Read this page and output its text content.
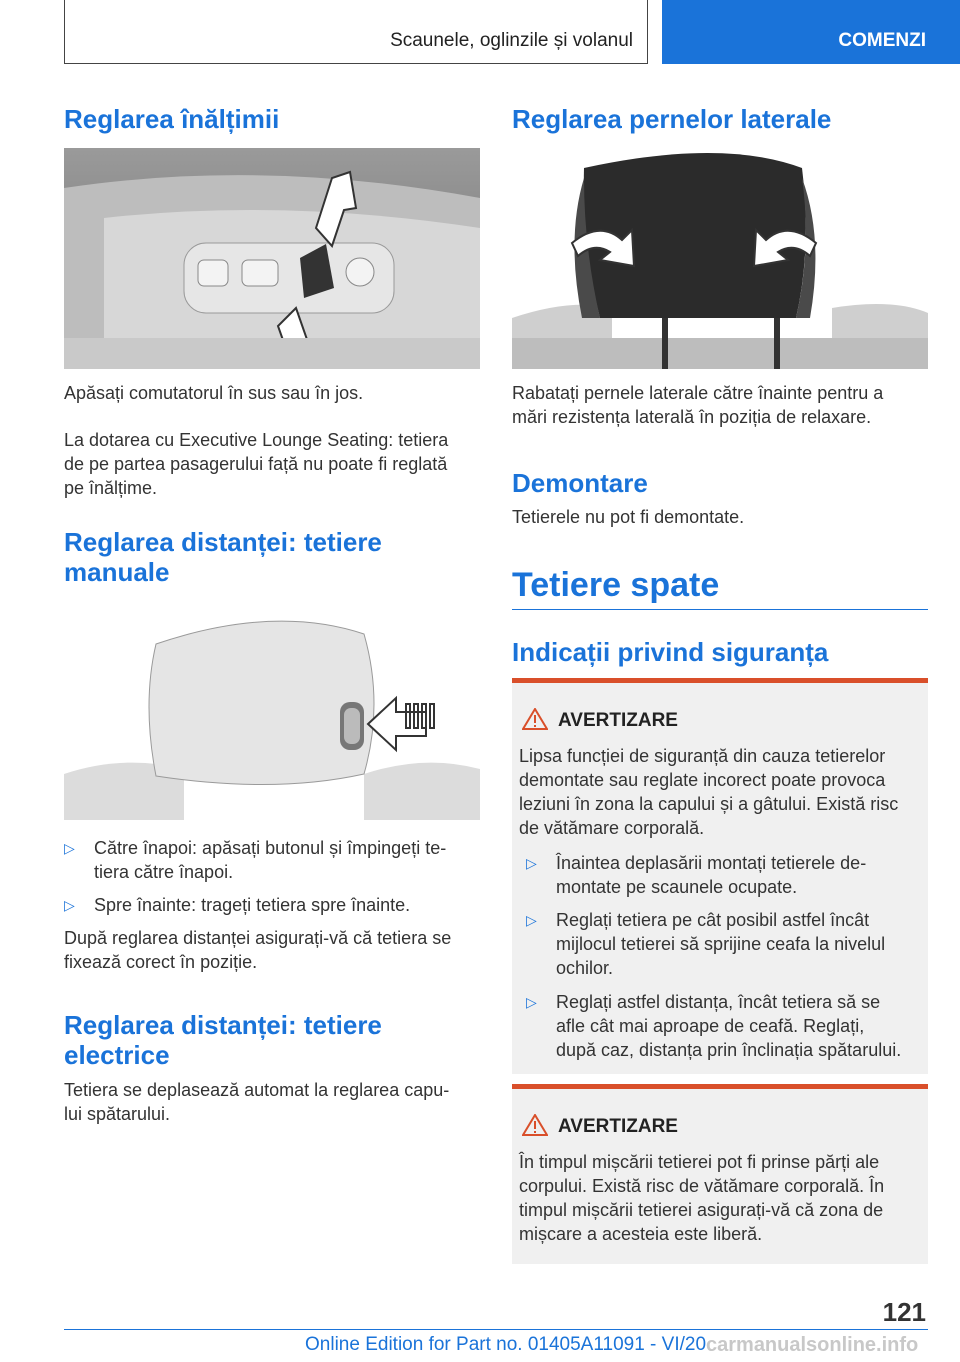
Scaunele, oglinzile și volanul	COMENZI
Reglarea înălțimii
Apăsați comutatorul în sus sau în jos.
La dotarea cu Executive Lounge Seating: tetiera
de pe partea pasagerului față nu poate fi reglată
pe înălțime.
Reglarea distanței: tetiere
manuale
▷ Către înapoi: apăsați butonul și împingeți te-
tiera către înapoi.
▷ Spre înainte: trageți tetiera spre înainte.
După reglarea distanței asigurați-vă că tetiera se
fixează corect în poziție.
Reglarea distanței: tetiere
electrice
Tetiera se deplasează automat la reglarea capu-
lui spătarului.
Reglarea pernelor laterale
Rabatați pernele laterale către înainte pentru a
mări rezistența laterală în poziția de relaxare.
Demontare
Tetierele nu pot fi demontate.
Tetiere spate
Indicații privind siguranța
AVERTIZARE
Lipsa funcției de siguranță din cauza tetierelor
demontate sau reglate incorect poate provoca
leziuni în zona la capului și a gâtului. Există risc
de vătămare corporală.
▷ Înaintea deplasării montați tetierele de-
montate pe scaunele ocupate.
▷ Reglați tetiera pe cât posibil astfel încât
mijlocul tetierei să sprijine ceafa la nivelul
ochilor.
▷ Reglați astfel distanța, încât tetiera să se
afle cât mai aproape de ceafă. Reglați,
după caz, distanța prin înclinația spătarului.
AVERTIZARE
În timpul mișcării tetierei pot fi prinse părți ale
corpului. Există risc de vătămare corporală. În
timpul mișcării tetierei asigurați-vă că zona de
mișcare a acesteia este liberă.
121
Online Edition for Part no. 01405A11091 - VI/20 carmanualsonline.info
